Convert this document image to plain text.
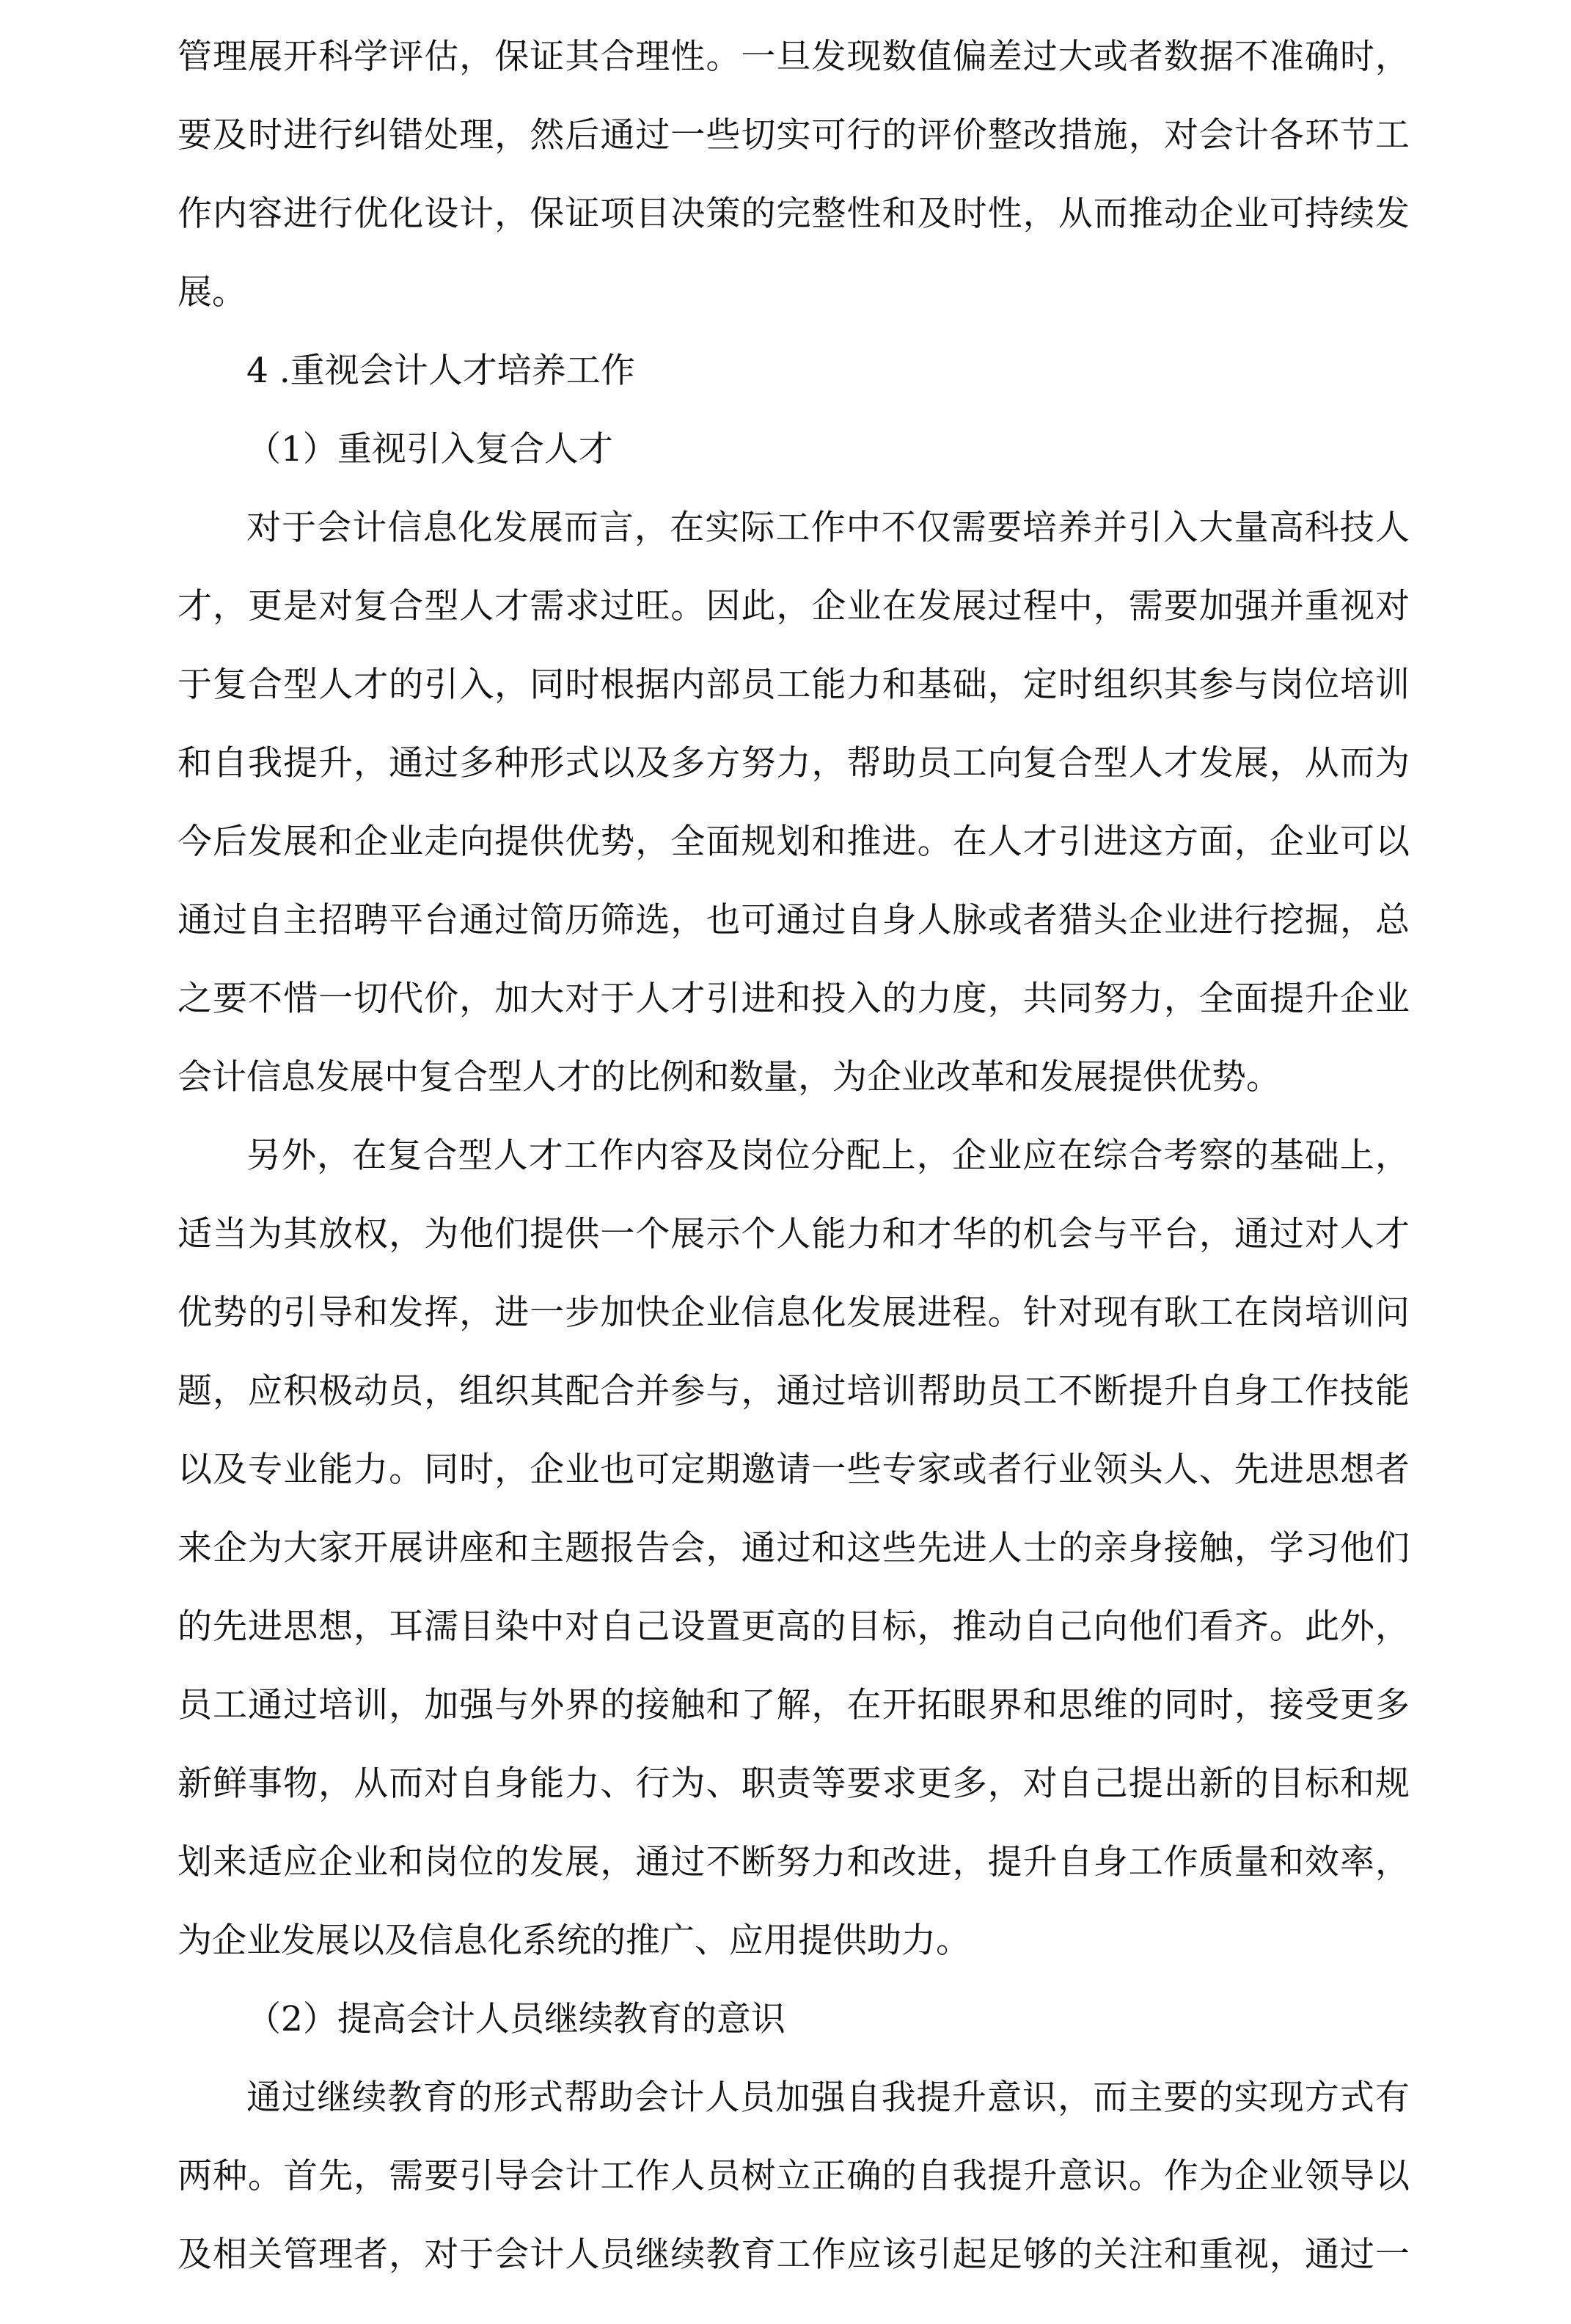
管理展开科学评估，保证其合理性。一旦发现数值偏差过大或者数据不准确时，
要及时进行纠错处理，然后通过一些切实可行的评价整改措施，对会计各环节工
作内容进行优化设计，保证项目决策的完整性和及时性，从而推动企业可持续发
展。
4 .重视会计人才培养工作
（1）重视引入复合人才
对于会计信息化发展而言，在实际工作中不仅需要培养并引入大量高科技人
才，更是对复合型人才需求过旺。因此，企业在发展过程中，需要加强并重视对
于复合型人才的引入，同时根据内部员工能力和基础，定时组织其参与岗位培训
和自我提升，通过多种形式以及多方努力，帮助员工向复合型人才发展，从而为
今后发展和企业走向提供优势，全面规划和推进。在人才引进这方面，企业可以
通过自主招聘平台通过简历筛选，也可通过自身人脉或者猎头企业进行挖掘，总
之要不惜一切代价，加大对于人才引进和投入的力度，共同努力，全面提升企业
会计信息发展中复合型人才的比例和数量，为企业改革和发展提供优势。
另外，在复合型人才工作内容及岗位分配上，企业应在综合考察的基础上，
适当为其放权，为他们提供一个展示个人能力和才华的机会与平台，通过对人才
优势的引导和发挥，进一步加快企业信息化发展进程。针对现有耿工在岗培训问
题，应积极动员，组织其配合并参与，通过培训帮助员工不断提升自身工作技能
以及专业能力。同时，企业也可定期邀请一些专家或者行业领头人、先进思想者
来企为大家开展讲座和主题报告会，通过和这些先进人士的亲身接触，学习他们
的先进思想，耳濡目染中对自己设置更高的目标，推动自己向他们看齐。此外，
员工通过培训，加强与外界的接触和了解，在开拓眼界和思维的同时，接受更多
新鲜事物，从而对自身能力、行为、职责等要求更多，对自己提出新的目标和规
划来适应企业和岗位的发展，通过不断努力和改进，提升自身工作质量和效率，
为企业发展以及信息化系统的推广、应用提供助力。
（2）提高会计人员继续教育的意识
通过继续教育的形式帮助会计人员加强自我提升意识，而主要的实现方式有
两种。首先，需要引导会计工作人员树立正确的自我提升意识。作为企业领导以
及相关管理者，对于会计人员继续教育工作应该引起足够的关注和重视，通过一
